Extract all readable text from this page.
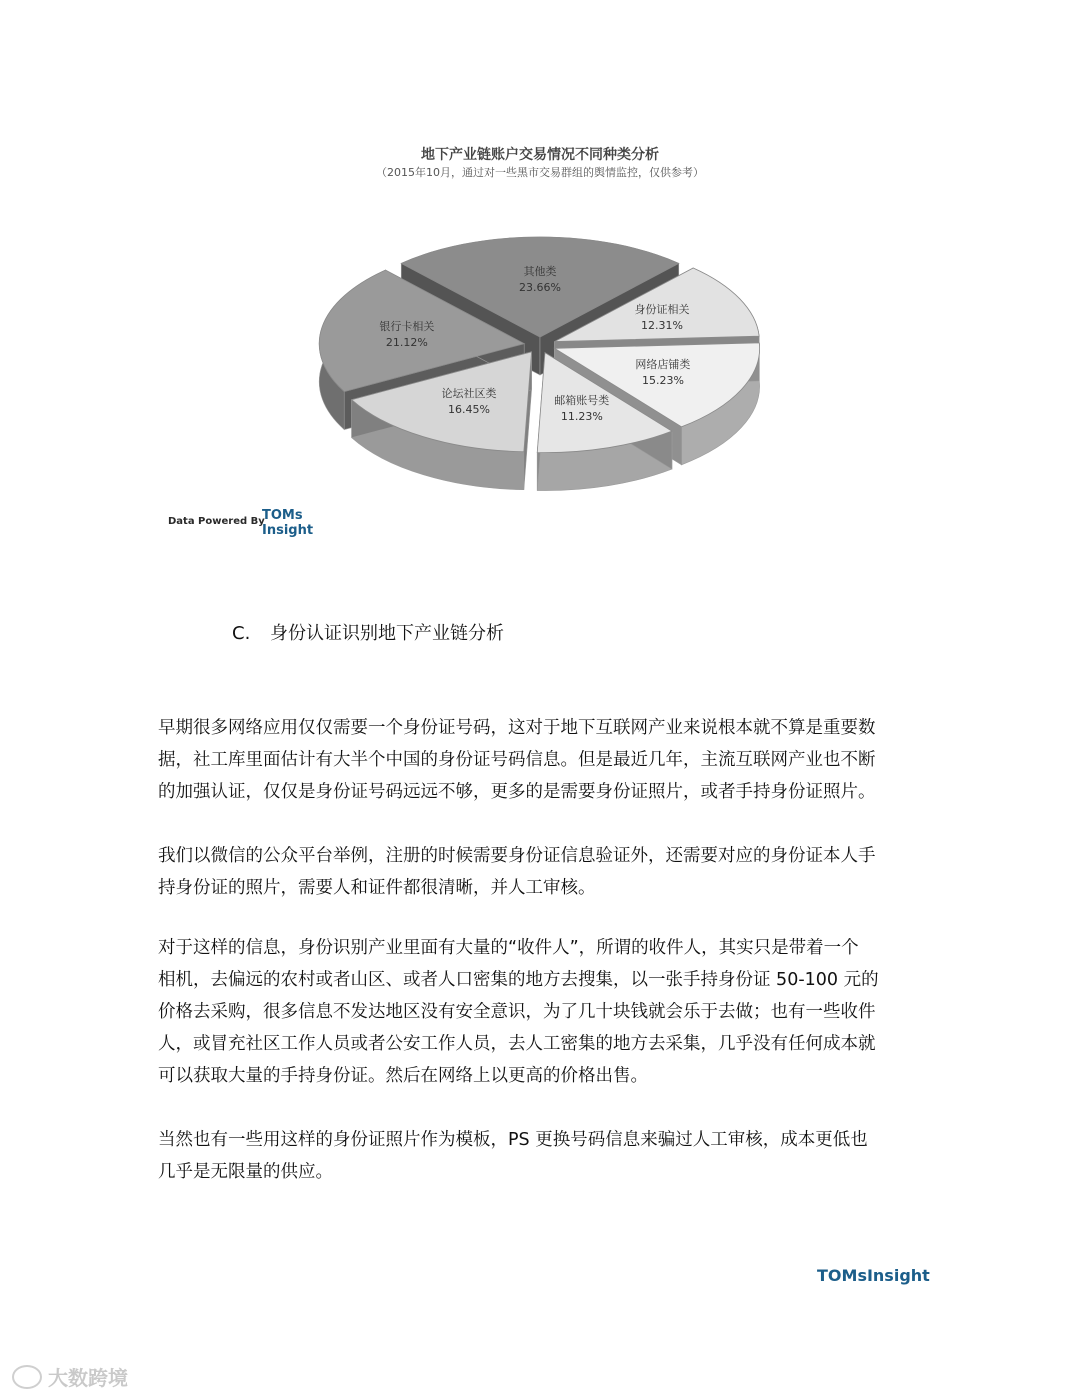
地下产业链账户交易情况不同种类分析
（2015年10月，通过对一些黑市交易群组的舆情监控，仅供参考）
其他类
23.66%
身份证相关
12.31%
银行卡相关
21.12%
网络店铺类
15.23%
论坛社区类
16.45%
邮箱账号类
11.23%
Data Powered By
TOMs
Insight
C. 身份认证识别地下产业链分析

早期很多网络应用仅仅需要一个身份证号码，这对于地下互联网产业来说根本就不算是重要数
据，社工库里面估计有大半个中国的身份证号码信息。但是最近几年，主流互联网产业也不断
的加强认证，仅仅是身份证号码远远不够，更多的是需要身份证照片，或者手持身份证照片。

我们以微信的公众平台举例，注册的时候需要身份证信息验证外，还需要对应的身份证本人手
持身份证的照片，需要人和证件都很清晰，并人工审核。

对于这样的信息，身份识别产业里面有大量的“收件人”，所谓的收件人，其实只是带着一个
相机，去偏远的农村或者山区、或者人口密集的地方去搜集，以一张手持身份证 50-100 元的
价格去采购，很多信息不发达地区没有安全意识，为了几十块钱就会乐于去做；也有一些收件
人，或冒充社区工作人员或者公安工作人员，去人工密集的地方去采集，几乎没有任何成本就
可以获取大量的手持身份证。然后在网络上以更高的价格出售。

当然也有一些用这样的身份证照片作为模板，PS 更换号码信息来骗过人工审核，成本更低也
几乎是无限量的供应。

TOMsInsight
大数跨境
